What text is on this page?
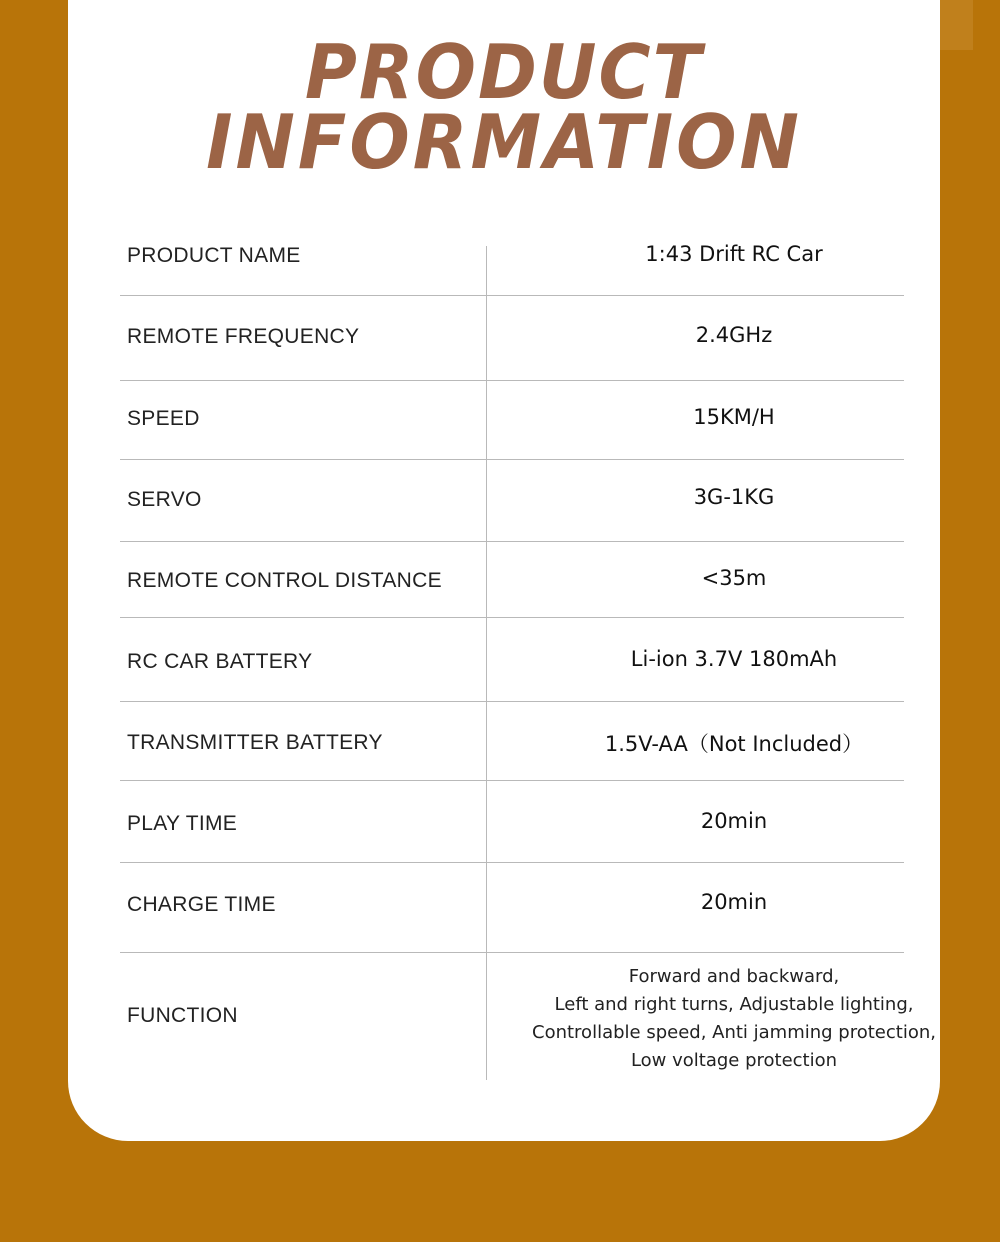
PRODUCT
INFORMATION
PRODUCT NAME	1:43 Drift RC Car
REMOTE FREQUENCY	2.4GHz
SPEED	15KM/H
SERVO	3G-1KG
REMOTE CONTROL DISTANCE	<35m
RC CAR BATTERY	Li-ion 3.7V 180mAh
TRANSMITTER BATTERY	1.5V-AA（Not Included）
PLAY TIME	20min
CHARGE TIME	20min
FUNCTION
Forward and backward,
Left and right turns, Adjustable lighting,
Controllable speed, Anti jamming protection,
Low voltage protection
